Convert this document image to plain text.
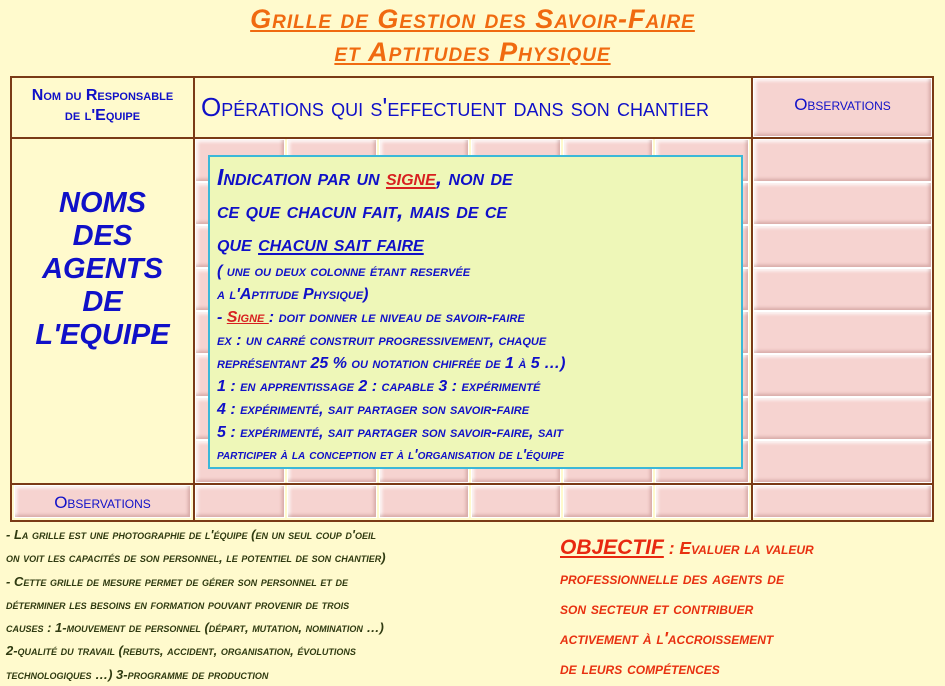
Grille de Gestion des Savoir-Faire
et Aptitudes Physique
Nom du Responsable
de l'Equipe	Opérations qui s'effectuent dans son chantier	Observations
NOMS
DES
AGENTS
DE
L'EQUIPE
Observations
Indication par un signe, non de
ce que chacun fait, mais de ce
que chacun sait faire
( une ou deux colonne étant reservée
a l'Aptitude Physique)
- Signe : doit donner le niveau de savoir-faire
ex : un carré construit progressivement, chaque
représentant 25 % ou notation chifrée de 1 à 5 …)
1 : en apprentissage 2 : capable 3 : expérimenté
4 : expérimenté, sait partager son savoir-faire
5 : expérimenté, sait partager son savoir-faire, sait
participer à la conception et à l'organisation de l'équipe
- La grille est une photographie de l'équipe (en un seul coup d'oeil
on voit les capacités de son personnel, le potentiel de son chantier)
- Cette grille de mesure permet de gérer son personnel et de
déterminer les besoins en formation pouvant provenir de trois
causes : 1-mouvement de personnel (départ, mutation, nomination …)
2-qualité du travail (rebuts, accident, organisation, évolutions
technologiques …) 3-programme de production
OBJECTIF : Evaluer la valeur
professionnelle des agents de
son secteur et contribuer
activement à l'accroissement
de leurs compétences
